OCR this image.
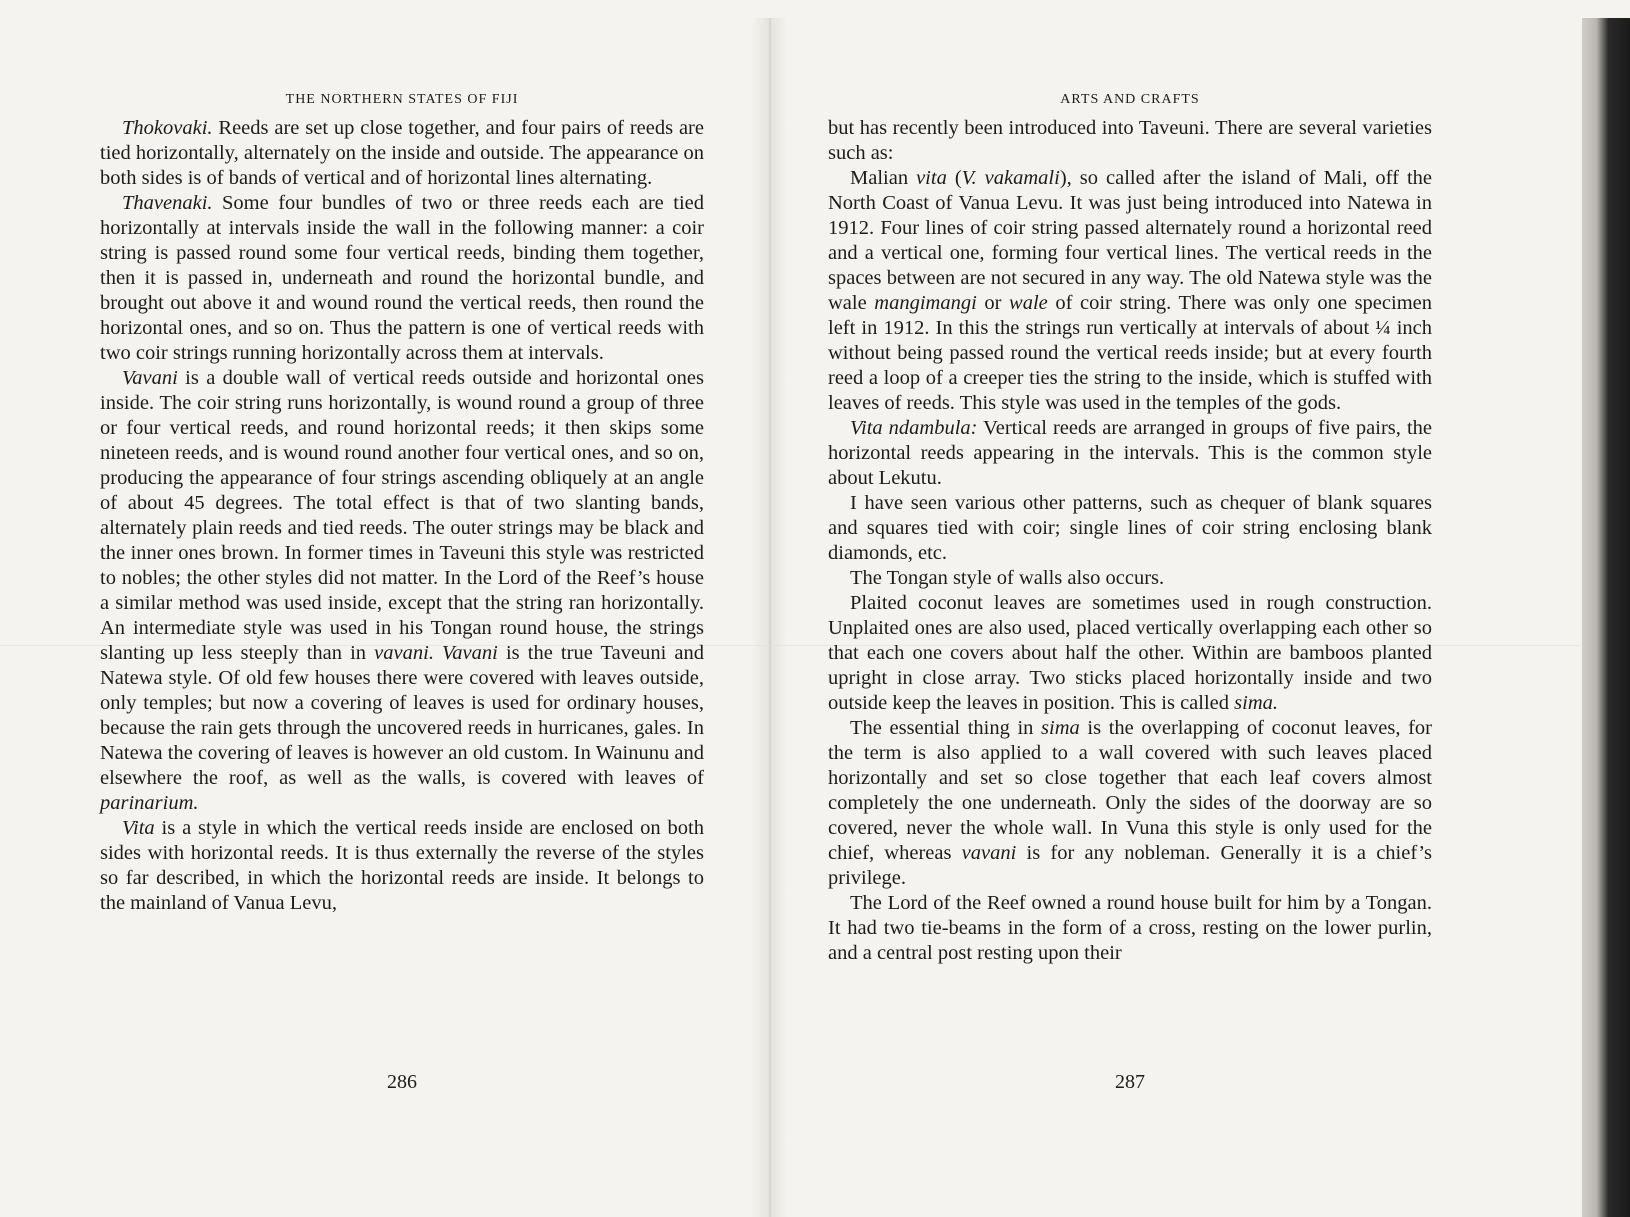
THE NORTHERN STATES OF FIJI

Thokovaki. Reeds are set up close together, and four pairs of reeds are tied horizontally, alternately on the inside and outside. The appearance on both sides is of bands of vertical and of horizontal lines alternating.

Thavenaki. Some four bundles of two or three reeds each are tied horizontally at intervals inside the wall in the following manner: a coir string is passed round some four vertical reeds, binding them together, then it is passed in, underneath and round the horizontal bundle, and brought out above it and wound round the vertical reeds, then round the horizontal ones, and so on. Thus the pattern is one of vertical reeds with two coir strings running horizontally across them at intervals.

Vavani is a double wall of vertical reeds outside and horizontal ones inside. The coir string runs horizontally, is wound round a group of three or four vertical reeds, and round horizontal reeds; it then skips some nineteen reeds, and is wound round another four vertical ones, and so on, producing the appearance of four strings ascending obliquely at an angle of about 45 degrees. The total effect is that of two slanting bands, alternately plain reeds and tied reeds. The outer strings may be black and the inner ones brown. In former times in Taveuni this style was restricted to nobles; the other styles did not matter. In the Lord of the Reef’s house a similar method was used inside, except that the string ran horizontally. An intermediate style was used in his Tongan round house, the strings slanting up less steeply than in vavani. Vavani is the true Taveuni and Natewa style. Of old few houses there were covered with leaves outside, only temples; but now a covering of leaves is used for ordinary houses, because the rain gets through the uncovered reeds in hurricanes, gales. In Natewa the covering of leaves is however an old custom. In Wainunu and elsewhere the roof, as well as the walls, is covered with leaves of parinarium.

Vita is a style in which the vertical reeds inside are enclosed on both sides with horizontal reeds. It is thus externally the reverse of the styles so far described, in which the horizontal reeds are inside. It belongs to the mainland of Vanua Levu,

286
ARTS AND CRAFTS

but has recently been introduced into Taveuni. There are several varieties such as:

Malian vita (V. vakamali), so called after the island of Mali, off the North Coast of Vanua Levu. It was just being introduced into Natewa in 1912. Four lines of coir string passed alternately round a horizontal reed and a vertical one, forming four vertical lines. The vertical reeds in the spaces between are not secured in any way. The old Natewa style was the wale mangimangi or wale of coir string. There was only one specimen left in 1912. In this the strings run vertically at intervals of about ¼ inch without being passed round the vertical reeds inside; but at every fourth reed a loop of a creeper ties the string to the inside, which is stuffed with leaves of reeds. This style was used in the temples of the gods.

Vita ndambula: Vertical reeds are arranged in groups of five pairs, the horizontal reeds appearing in the intervals. This is the common style about Lekutu.

I have seen various other patterns, such as chequer of blank squares and squares tied with coir; single lines of coir string enclosing blank diamonds, etc.

The Tongan style of walls also occurs.

Plaited coconut leaves are sometimes used in rough construction. Unplaited ones are also used, placed vertically overlapping each other so that each one covers about half the other. Within are bamboos planted upright in close array. Two sticks placed horizontally inside and two outside keep the leaves in position. This is called sima.

The essential thing in sima is the overlapping of coconut leaves, for the term is also applied to a wall covered with such leaves placed horizontally and set so close together that each leaf covers almost completely the one underneath. Only the sides of the doorway are so covered, never the whole wall. In Vuna this style is only used for the chief, whereas vavani is for any nobleman. Generally it is a chief’s privilege.

The Lord of the Reef owned a round house built for him by a Tongan. It had two tie-beams in the form of a cross, resting on the lower purlin, and a central post resting upon their

287
